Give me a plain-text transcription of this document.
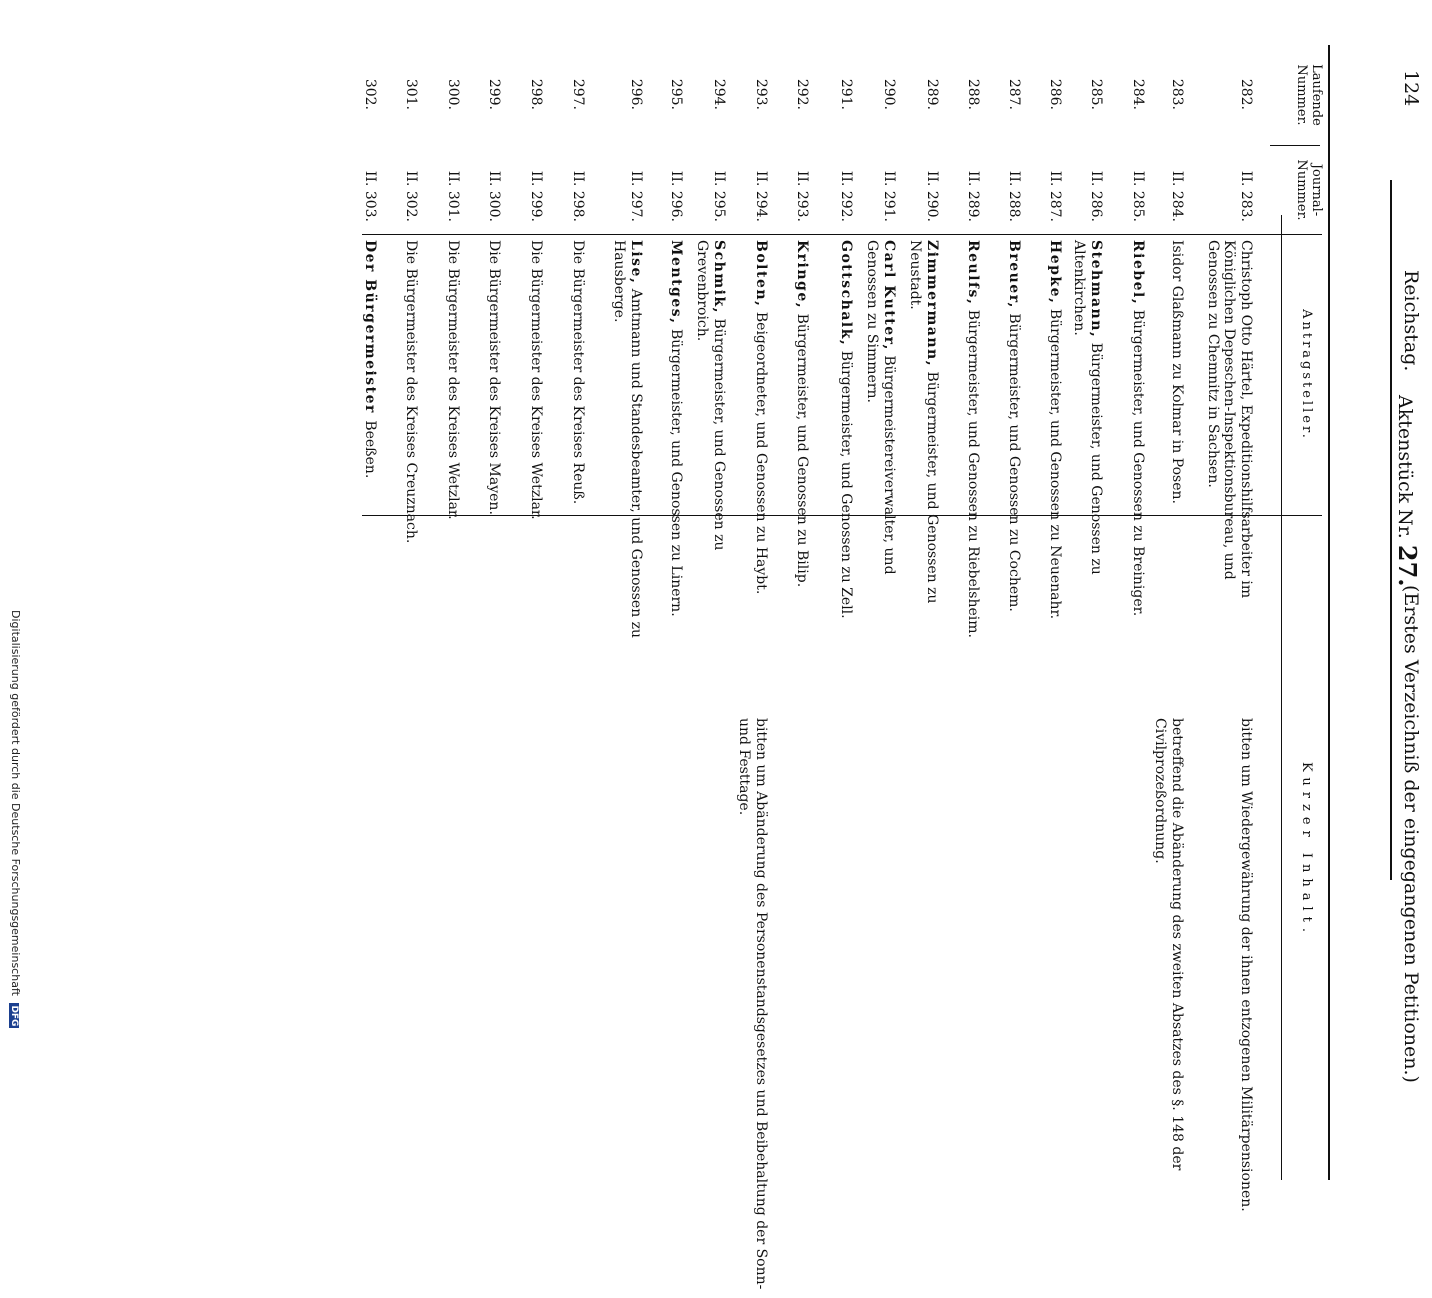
124
Reichstag.
Aktenstück Nr. 27.
(Erstes Verzeichniß der eingegangenen Petitionen.)
Laufende
Nummer.
Journal-
Nummer.
Antragsteller.
Kurzer Inhalt.
282.
II. 283.
Christoph Otto Härtel, Expeditionshilfsarbeiter im Königlichen Depeschen-Inspektionsbureau, und Genossen zu Chemnitz in Sachsen.
bitten um Wiedergewährung der ihnen entzogenen Militärpensionen.
283.
II. 284.
Isidor Glaßmann zu Kolmar in Posen.
betreffend die Abänderung des zweiten Absatzes des §. 148 der Civilprozeßordnung.
284.
II. 285.
Riebel, Bürgermeister, und Genossen zu Breiniger.
285.
II. 286.
Stehmann, Bürgermeister, und Genossen zu Altenkirchen.
286.
II. 287.
Hepke, Bürgermeister, und Genossen zu Neuenahr.
287.
II. 288.
Breuer, Bürgermeister, und Genossen zu Cochem.
288.
II. 289.
Reulfs, Bürgermeister, und Genossen zu Riebelsheim.
289.
II. 290.
Zimmermann, Bürgermeister, und Genossen zu Neustadt.
290.
II. 291.
Carl Kutter, Bürgermeistereiverwalter, und Genossen zu Simmern.
291.
II. 292.
Gottschalk, Bürgermeister, und Genossen zu Zell.
292.
II. 293.
Kringe, Bürgermeister, und Genossen zu Bilip.
293.
II. 294.
Bolten, Beigeordneter, und Genossen zu Haybt.
bitten um Abänderung des Personenstandsgesetzes und Beibehaltung der Sonn- und Festtage.
294.
II. 295.
Schmik, Bürgermeister, und Genossen zu Grevenbroich.
295.
II. 296.
Mentges, Bürgermeister, und Genossen zu Linern.
296.
II. 297.
Lise, Amtmann und Standesbeamter, und Genossen zu Hausberge.
297.
II. 298.
Die Bürgermeister des Kreises Reuß.
298.
II. 299.
Die Bürgermeister des Kreises Wetzlar.
299.
II. 300.
Die Bürgermeister des Kreises Mayen.
300.
II. 301.
Die Bürgermeister des Kreises Wetzlar.
301.
II. 302.
Die Bürgermeister des Kreises Creuznach.
302.
II. 303.
Der Bürgermeister Beeßen.
Digitalisierung gefördert durch die Deutsche Forschungsgemeinschaft DFG
